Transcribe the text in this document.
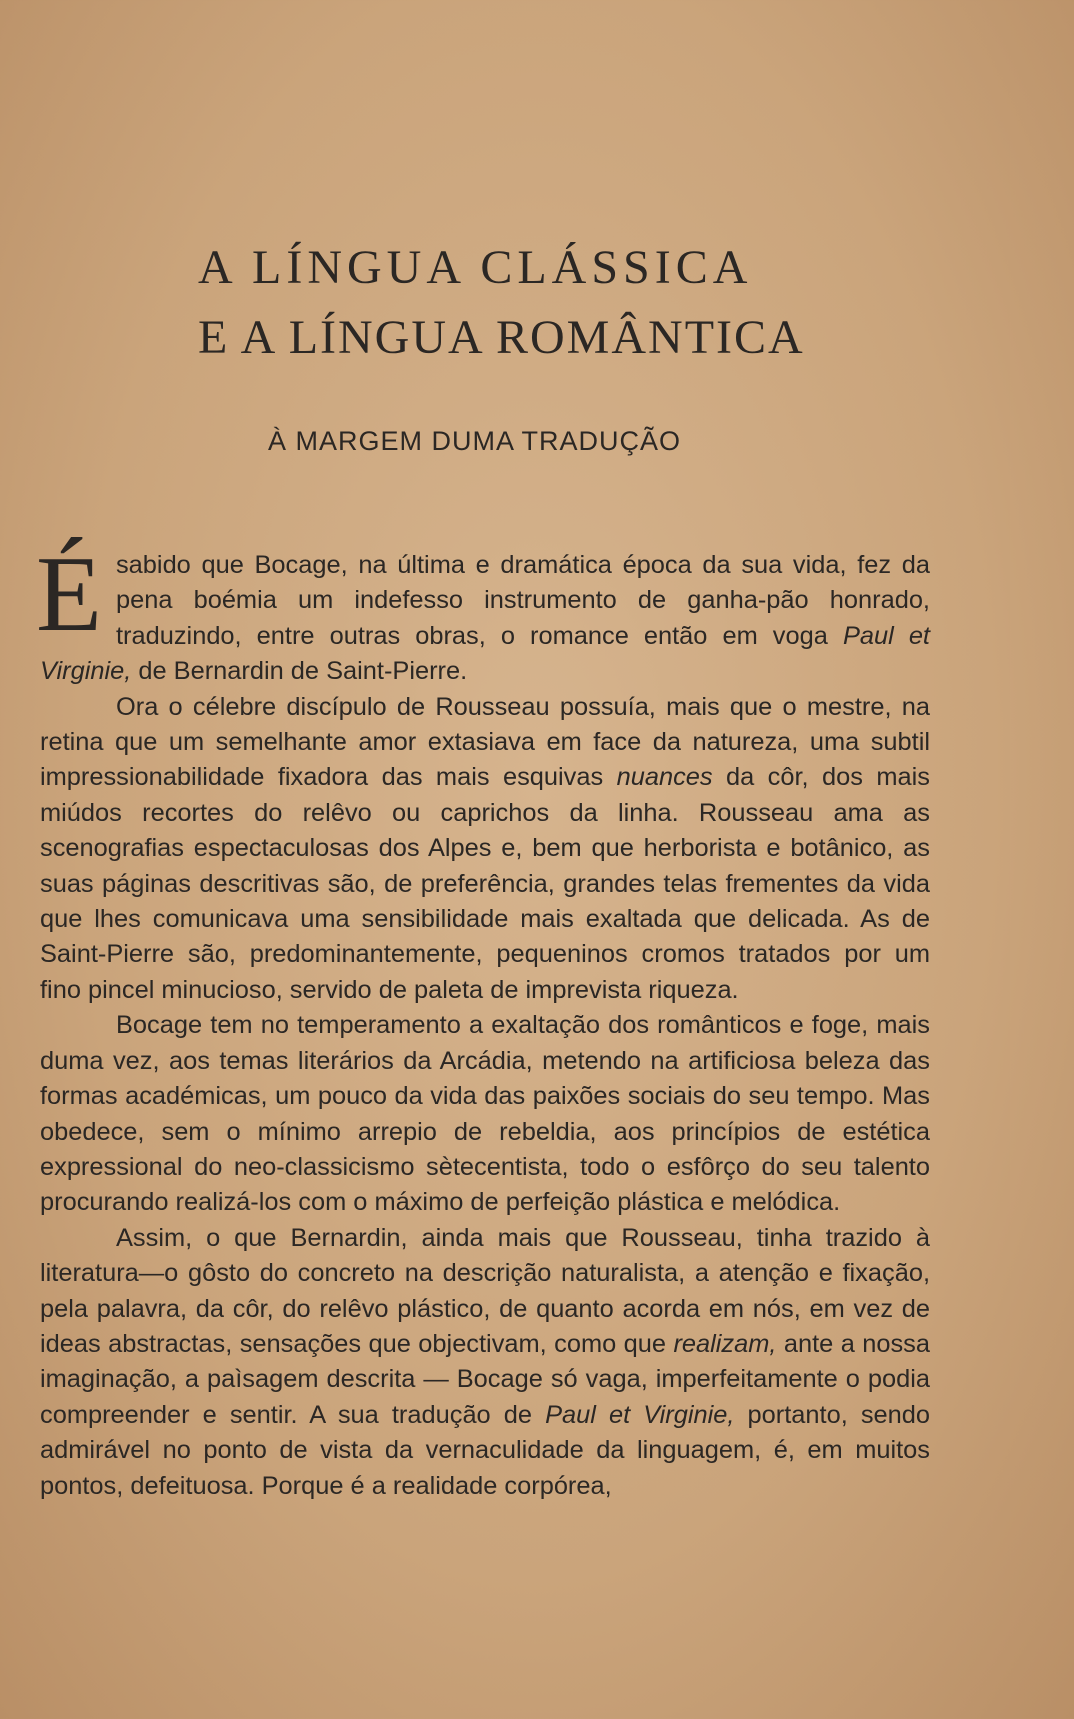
A LÍNGUA CLÁSSICA
E A LÍNGUA ROMÂNTICA
À MARGEM DUMA TRADUÇÃO

Ésabido que Bocage, na última e dramática época da sua vida, fez da pena boémia um indefesso instrumento de ganha-pão honrado, traduzindo, entre outras obras, o romance então em voga Paul et Virginie, de Bernardin de Saint-Pierre.

Ora o célebre discípulo de Rousseau possuía, mais que o mestre, na retina que um semelhante amor extasiava em face da natureza, uma subtil impressionabilidade fixadora das mais esquivas nuances da côr, dos mais miúdos recortes do relêvo ou caprichos da linha. Rousseau ama as scenografias espectaculosas dos Alpes e, bem que herborista e botânico, as suas páginas descritivas são, de preferência, grandes telas frementes da vida que lhes comunicava uma sensibilidade mais exaltada que delicada. As de Saint-Pierre são, predominantemente, pequeninos cromos tratados por um fino pincel minucioso, servido de paleta de imprevista riqueza.

Bocage tem no temperamento a exaltação dos românticos e foge, mais duma vez, aos temas literários da Arcádia, metendo na artificiosa beleza das formas académicas, um pouco da vida das paixões sociais do seu tempo. Mas obedece, sem o mínimo arrepio de rebeldia, aos princípios de estética expressional do neo-classicismo sètecentista, todo o esfôrço do seu talento procurando realizá-los com o máximo de perfeição plástica e melódica.

Assim, o que Bernardin, ainda mais que Rousseau, tinha trazido à literatura—o gôsto do concreto na descrição naturalista, a atenção e fixação, pela palavra, da côr, do relêvo plástico, de quanto acorda em nós, em vez de ideas abstractas, sensações que objectivam, como que realizam, ante a nossa imaginação, a paìsagem descrita — Bocage só vaga, imperfeitamente o podia compreender e sentir. A sua tradução de Paul et Virginie, portanto, sendo admirável no ponto de vista da vernaculidade da linguagem, é, em muitos pontos, defeituosa. Porque é a realidade corpórea,
